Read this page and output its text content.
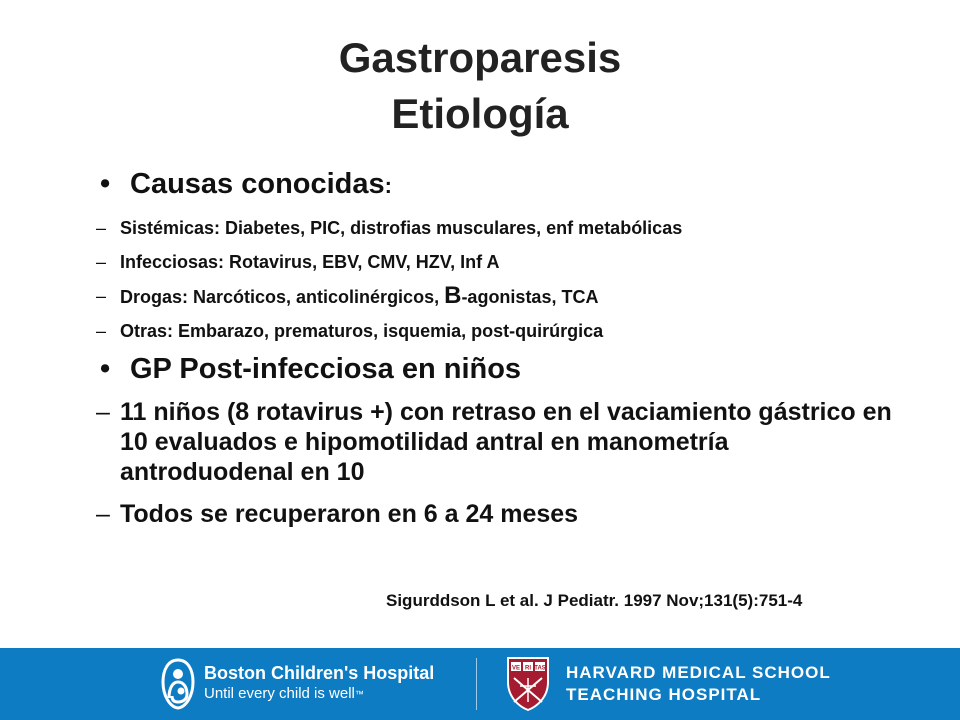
Gastroparesis
Etiología
• Causas conocidas:
– Sistémicas: Diabetes, PIC, distrofias musculares, enf metabólicas
– Infecciosas: Rotavirus, EBV, CMV, HZV, Inf A
– Drogas: Narcóticos, anticolinérgicos, B-agonistas, TCA
– Otras: Embarazo, prematuros, isquemia, post-quirúrgica
• GP Post-infecciosa en niños
– 11 niños (8 rotavirus +) con retraso en el vaciamiento gástrico en 10 evaluados e hipomotilidad antral en manometría antroduodenal en 10
– Todos se recuperaron en 6 a 24 meses
Sigurddson L et al. J Pediatr. 1997 Nov;131(5):751-4
Boston Children's Hospital
Until every child is well™
VE RI TAS HARVARD MEDICAL SCHOOL
TEACHING HOSPITAL
